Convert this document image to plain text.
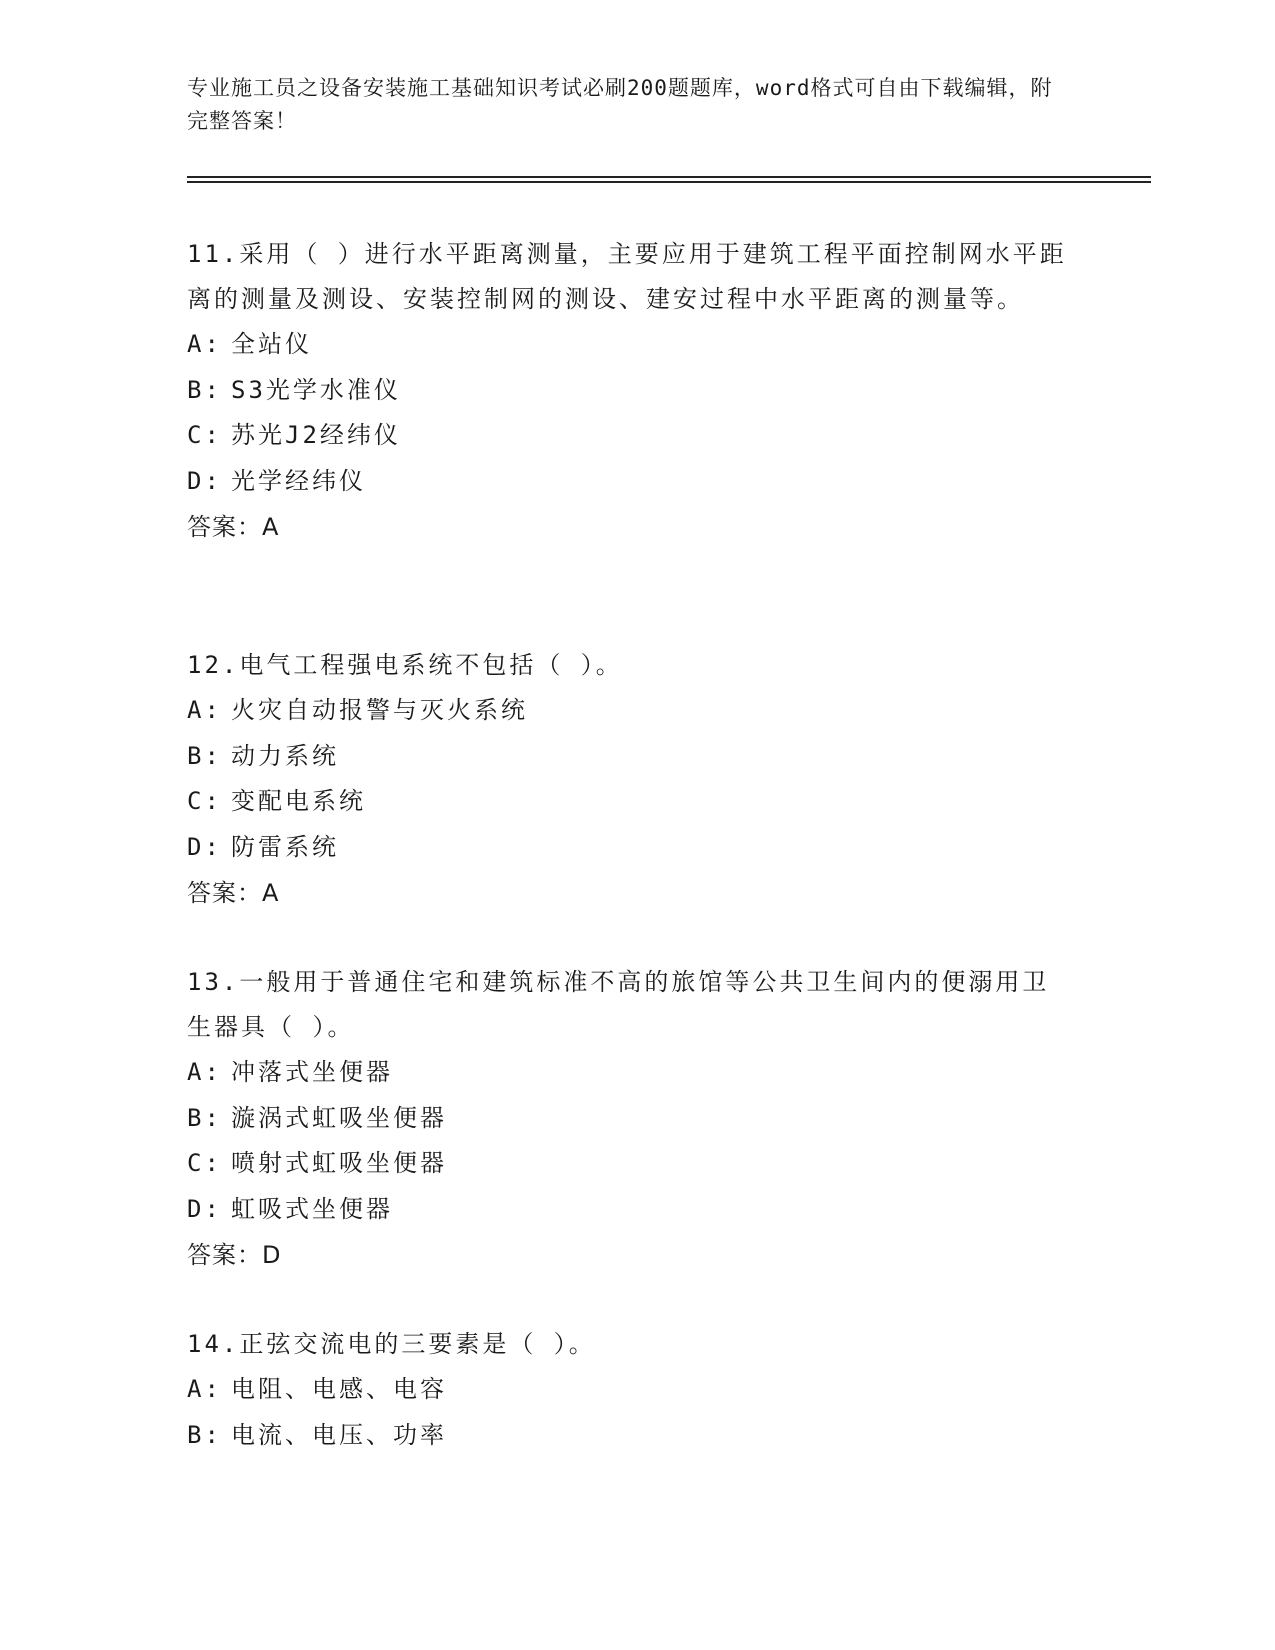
专业施工员之设备安装施工基础知识考试必刷200题题库，word格式可自由下载编辑，附完整答案！

11.采用（ ）进行水平距离测量，主要应用于建筑工程平面控制网水平距离的测量及测设、安装控制网的测设、建安过程中水平距离的测量等。

A: 全站仪

B: S3光学水准仪

C: 苏光J2经纬仪

D: 光学经纬仪

答案：A

12.电气工程强电系统不包括（ ）。

A: 火灾自动报警与灭火系统

B: 动力系统

C: 变配电系统

D: 防雷系统

答案：A

13.一般用于普通住宅和建筑标准不高的旅馆等公共卫生间内的便溺用卫生器具（ ）。

A: 冲落式坐便器

B: 漩涡式虹吸坐便器

C: 喷射式虹吸坐便器

D: 虹吸式坐便器

答案：D

14.正弦交流电的三要素是（ ）。

A: 电阻、电感、电容

B: 电流、电压、功率
